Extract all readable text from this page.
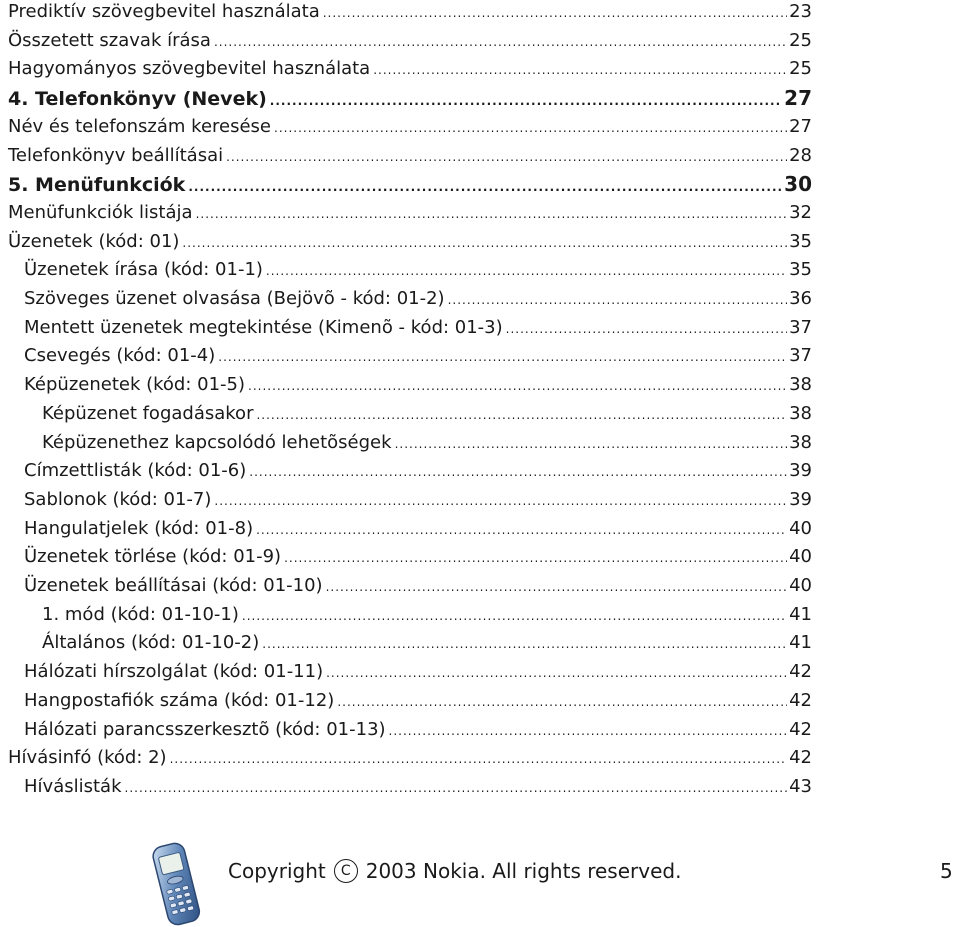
Prediktív szövegbevitel használata .....	23
Összetett szavak írása .....	25
Hagyományos szövegbevitel használata .....	25
4. Telefonkönyv (Nevek) .....	27
Név és telefonszám keresése .....	27
Telefonkönyv beállításai .....	28
5. Menüfunkciók .....	30
Menüfunkciók listája .....	32
Üzenetek (kód: 01) .....	35
Üzenetek írása (kód: 01-1) .....	35
Szöveges üzenet olvasása (Bejövõ - kód: 01-2) .....	36
Mentett üzenetek megtekintése (Kimenõ - kód: 01-3) .....	37
Csevegés (kód: 01-4) .....	37
Képüzenetek (kód: 01-5) .....	38
Képüzenet fogadásakor .....	38
Képüzenethez kapcsolódó lehetõségek .....	38
Címzettlisták (kód: 01-6) .....	39
Sablonok (kód: 01-7) .....	39
Hangulatjelek (kód: 01-8) .....	40
Üzenetek törlése (kód: 01-9) .....	40
Üzenetek beállításai (kód: 01-10) .....	40
1. mód (kód: 01-10-1) .....	41
Általános (kód: 01-10-2) .....	41
Hálózati hírszolgálat (kód: 01-11) .....	42
Hangpostafiók száma (kód: 01-12) .....	42
Hálózati parancsszerkesztõ (kód: 01-13) .....	42
Hívásinfó (kód: 2) .....	42
Híváslisták .....	43
Copyright	C 2003 Nokia. All rights reserved.	5
